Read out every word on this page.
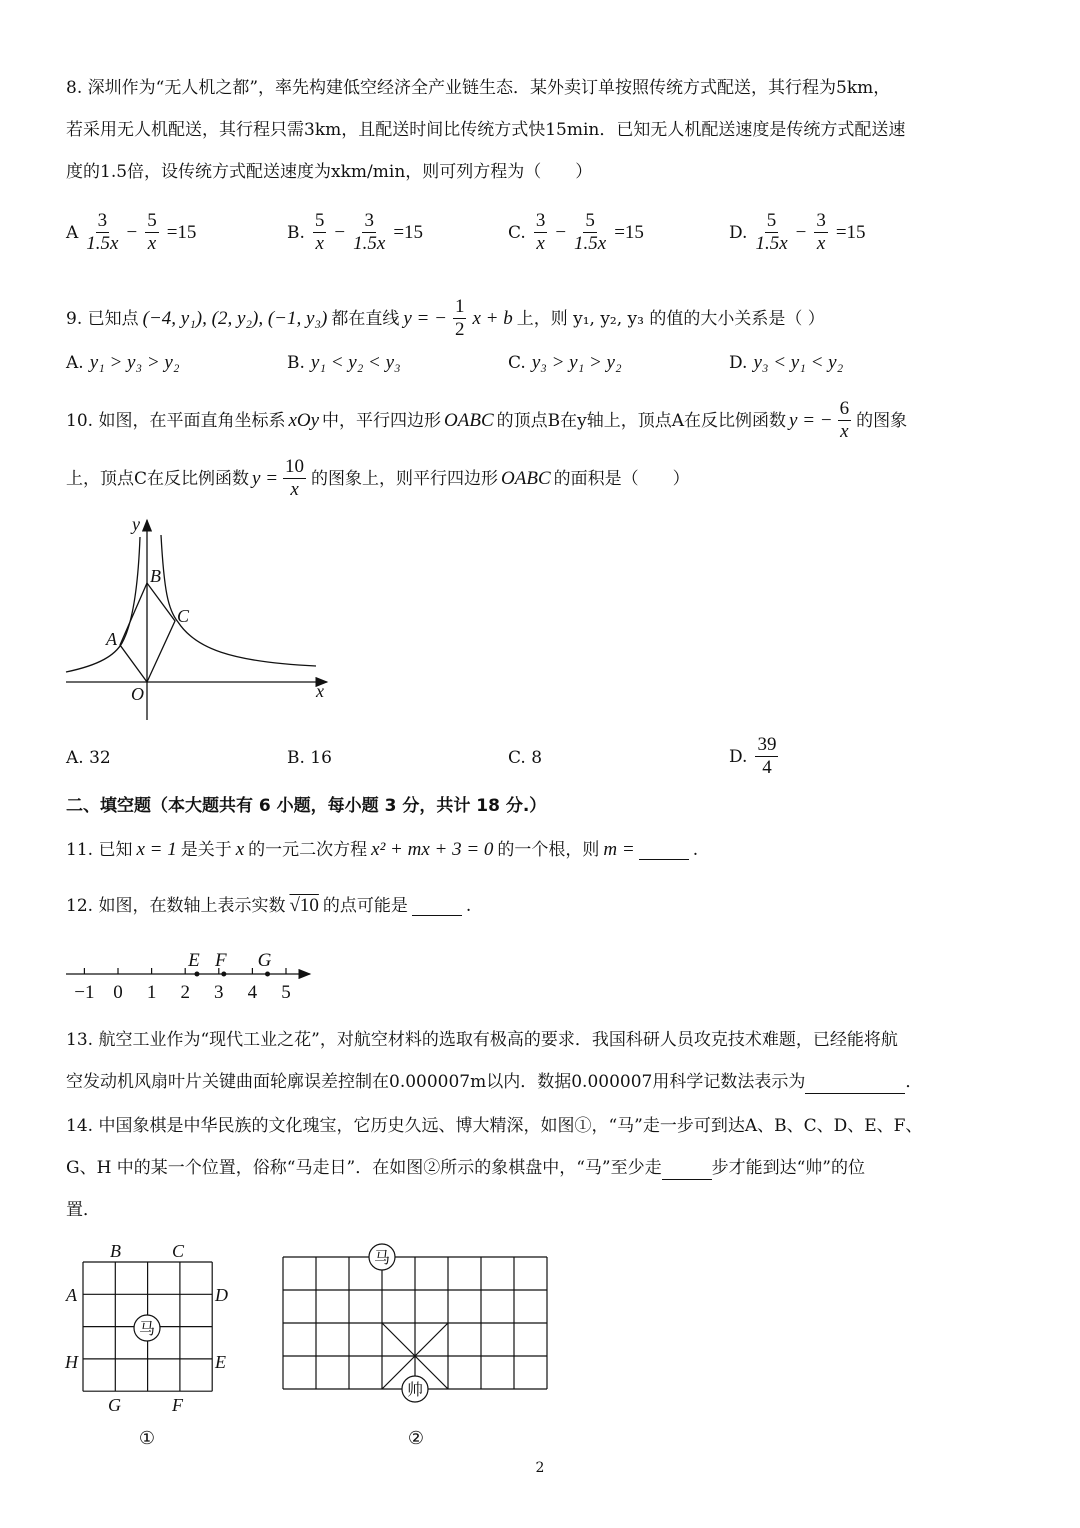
8. 深圳作为“无人机之都”，率先构建低空经济全产业链生态．某外卖订单按照传统方式配送，其行程为5km，
若采用无人机配送，其行程只需3km，且配送时间比传统方式快15min．已知无人机配送速度是传统方式配送速
度的1.5倍，设传统方式配送速度为xkm/min，则可列方程为（　　）
A $\frac{3}{1.5x} - \frac{5}{x} =15$	B. $\frac{5}{x} - \frac{3}{1.5x} =15$	C. $\frac{3}{x} - \frac{5}{1.5x} =15$	D. $\frac{5}{1.5x} - \frac{3}{x} =15$
9. 已知点 (−4, y₁), (2, y₂), (−1, y₃) 都在直线 y = − $\frac{1}{2}$ x + b 上，则 y₁, y₂, y₃ 的值的大小关系是（ ）
A. y₁ > y₃ > y₂	B. y₁ < y₂ < y₃	C. y₃ > y₁ > y₂	D. y₃ < y₁ < y₂
10. 如图，在平面直角坐标系 xOy 中，平行四边形 OABC 的顶点B在y轴上，顶点A在反比例函数 y = − $\frac{6}{x}$ 的图象
上，顶点C在反比例函数 $y = \frac{10}{x}$ 的图象上，则平行四边形 OABC 的面积是（　　）
y
x
O
A
B
C
−1 0 1 2 3 4 5
E F G
B	C
A	D
H	E
G	F
马
①
马
帅
②
A. 32	B. 16	C. 8	D. $\frac{39}{4}$
二、填空题（本大题共有 6 小题，每小题 3 分，共计 18 分.）
11. 已知 x = 1 是关于 x 的一元二次方程 x² + mx + 3 = 0 的一个根，则 m =	.
12. 如图，在数轴上表示实数 √10 的点可能是	.
13. 航空工业作为“现代工业之花”，对航空材料的选取有极高的要求．我国科研人员攻克技术难题，已经能将航
空发动机风扇叶片关键曲面轮廓误差控制在0.000007m以内．数据0.000007用科学记数法表示为	．
14. 中国象棋是中华民族的文化瑰宝，它历史久远、博大精深，如图①，“马”走一步可到达A、B、C、D、E、F、
G、H 中的某一个位置，俗称“马走日”．在如图②所示的象棋盘中，“马”至少走	步才能到达“帅”的位
置．
2
